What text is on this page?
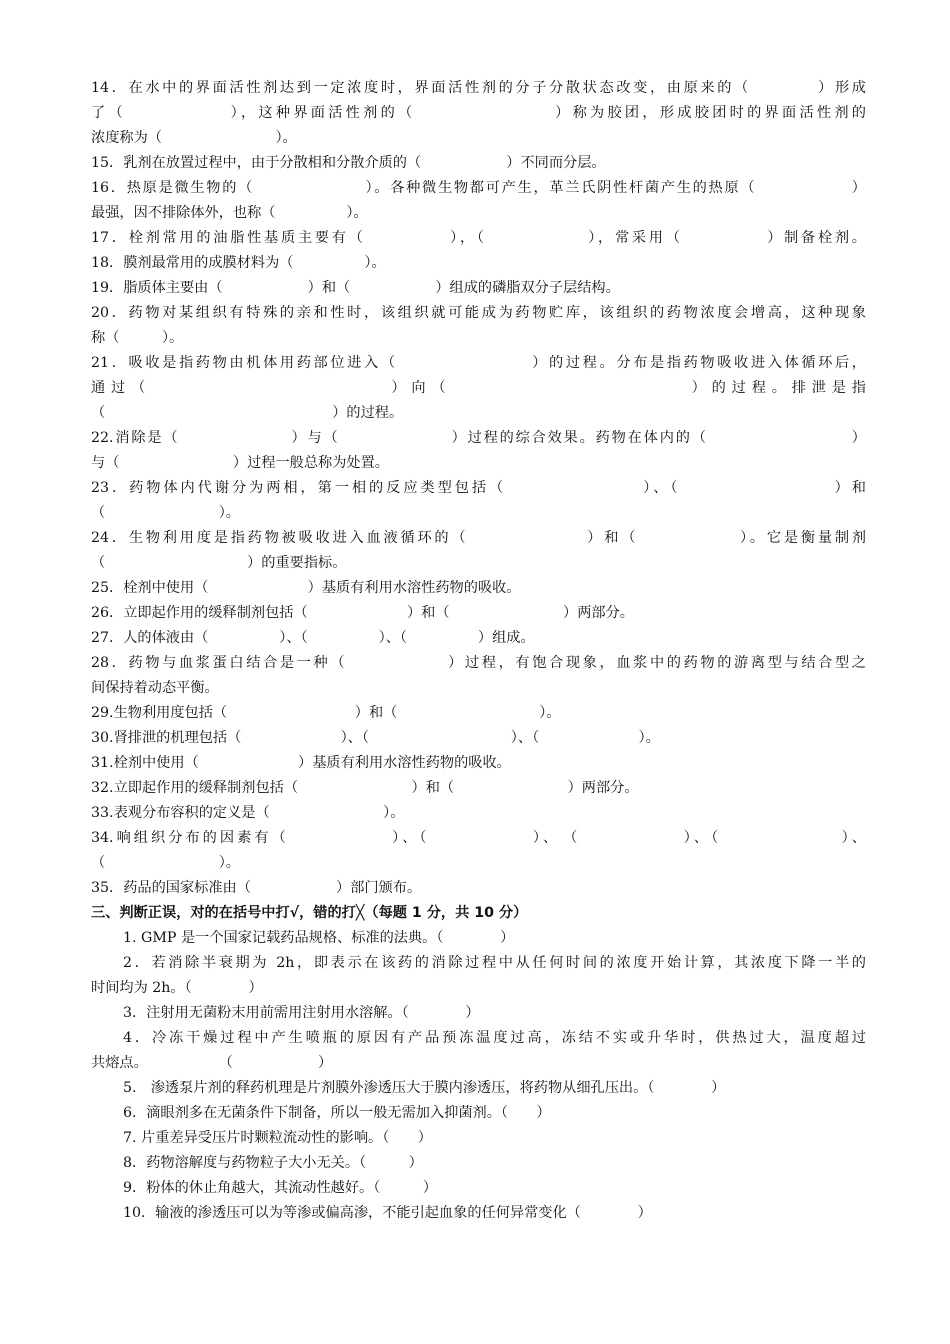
14．在水中的界面活性剂达到一定浓度时，界面活性剂的分子分散状态改变，由原来的（　　　　）形成
了（　　　　　　），这种界面活性剂的（　　　　　　　　）称为胶团，形成胶团时的界面活性剂的
浓度称为（　　　　　　　　）。
15．乳剂在放置过程中，由于分散相和分散介质的（　　　　　　）不同而分层。
16．热原是微生物的（　　　　　　　）。各种微生物都可产生，革兰氏阴性杆菌产生的热原（　　　　　　）
最强，因不排除体外，也称（　　　　　）。
17．栓剂常用的油脂性基质主要有（　　　　　），（　　　　　　），常采用（　　　　　）制备栓剂。
18．膜剂最常用的成膜材料为（　　　　　）。
19．脂质体主要由（　　　　　　）和（　　　　　　）组成的磷脂双分子层结构。
20．药物对某组织有特殊的亲和性时，该组织就可能成为药物贮库，该组织的药物浓度会增高，这种现象
称（　　　）。
21．吸收是指药物由机体用药部位进入（　　　　　　　　）的过程。分布是指药物吸收进入体循环后，
通过（　　　　　　　　　　　　）向（　　　　　　　　　　　　）的过程。排泄是指
（　　　　　　　　　　　　　　　　）的过程。
22.消除是（　　　　　　　）与（　　　　　　　）过程的综合效果。药物在体内的（　　　　　　　　　）
与（　　　　　　　　）过程一般总称为处置。
23．药物体内代谢分为两相，第一相的反应类型包括（　　　　　　　　）、（　　　　　　　　　）和
（　　　　　　　　）。
24．生物利用度是指药物被吸收进入血液循环的（　　　　　　　）和（　　　　　　）。它是衡量制剂
（　　　　　　　　　　）的重要指标。
25．栓剂中使用（　　　　　　　）基质有利用水溶性药物的吸收。
26．立即起作用的缓释制剂包括（　　　　　　　）和（　　　　　　　　）两部分。
27．人的体液由（　　　　　）、（　　　　　）、（　　　　　）组成。
28．药物与血浆蛋白结合是一种（　　　　　　）过程，有饱合现象，血浆中的药物的游离型与结合型之
间保持着动态平衡。
29.生物利用度包括（　　　　　　　　　）和（　　　　　　　　　　）。
30.肾排泄的机理包括（　　　　　　　）、（　　　　　　　　　　）、（　　　　　　　）。
31.栓剂中使用（　　　　　　　）基质有利用水溶性药物的吸收。
32.立即起作用的缓释制剂包括（　　　　　　　　）和（　　　　　　　　）两部分。
33.表观分布容积的定义是（　　　　　　　　）。
34.响组织分布的因素有（　　　　　　）、（　　　　　　）、　（　　　　　　）、（　　　　　　　）、
（　　　　　　　　）。
35．药品的国家标准由（　　　　　　）部门颁布。
三、判断正误，对的在括号中打√，错的打╳（每题 1 分，共 10 分）
1. GMP 是一个国家记载药品规格、标准的法典。（　　　　）
2．若消除半衰期为 2h，即表示在该药的消除过程中从任何时间的浓度开始计算，其浓度下降一半的
时间均为 2h。（　　　　）
3．注射用无菌粉末用前需用注射用水溶解。（　　　　）
4．冷冻干燥过程中产生喷瓶的原因有产品预冻温度过高，冻结不实或升华时，供热过大，温度超过
共熔点。　　　　　　（　　　　　　）
5.　渗透泵片剂的释药机理是片剂膜外渗透压大于膜内渗透压，将药物从细孔压出。（　　　　）
6．滴眼剂多在无菌条件下制备，所以一般无需加入抑菌剂。（　　）
7. 片重差异受压片时颗粒流动性的影响。（　　）
8．药物溶解度与药物粒子大小无关。（　　　）
9．粉体的休止角越大，其流动性越好。（　　　）
10．输液的渗透压可以为等渗或偏高渗，不能引起血象的任何异常变化（　　　　）
